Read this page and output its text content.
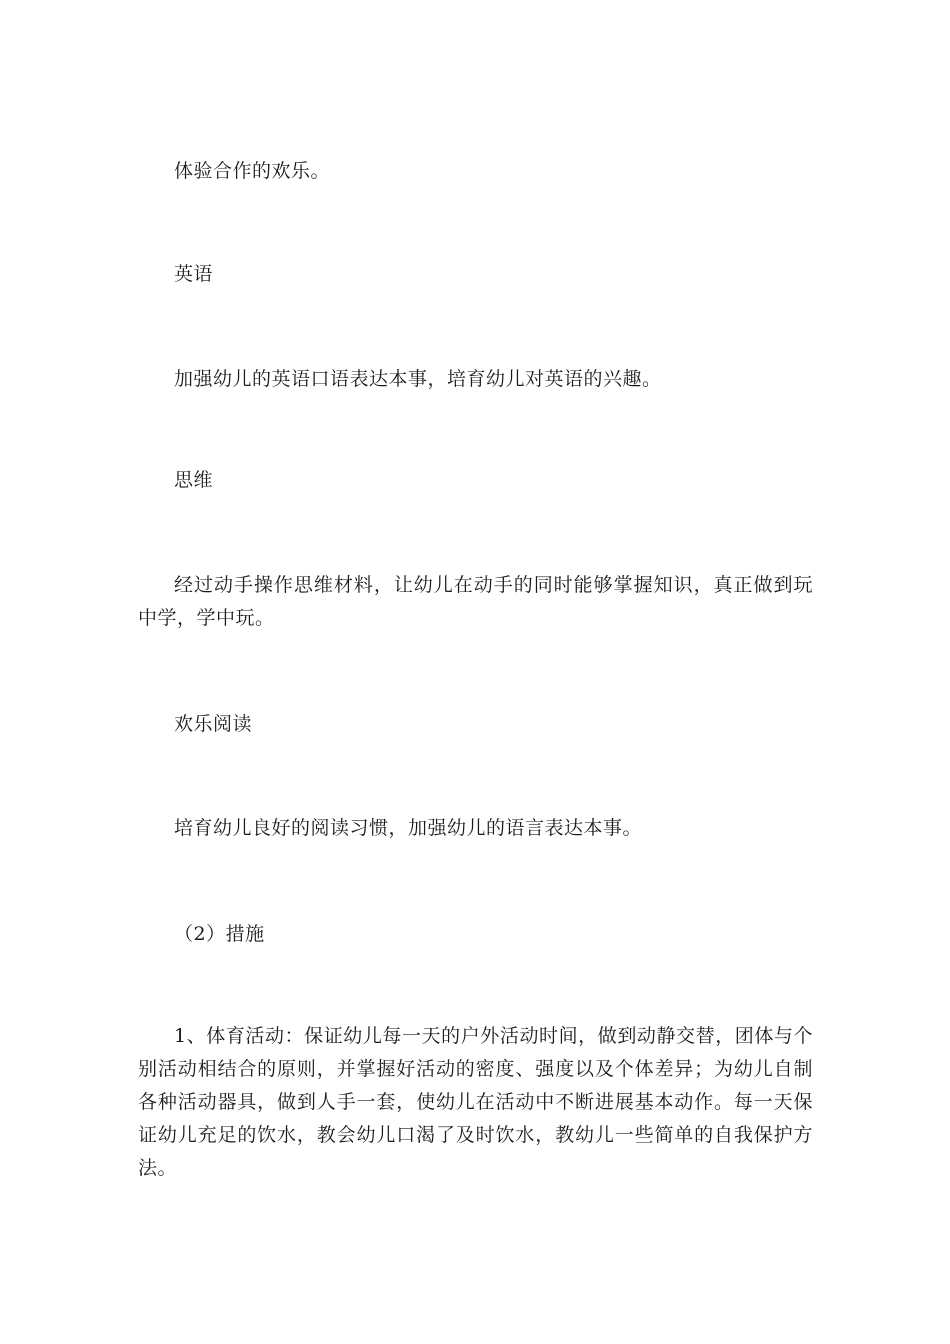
体验合作的欢乐。

英语

加强幼儿的英语口语表达本事，培育幼儿对英语的兴趣。

思维

经过动手操作思维材料，让幼儿在动手的同时能够掌握知识，真正做到玩中学，学中玩。

欢乐阅读

培育幼儿良好的阅读习惯，加强幼儿的语言表达本事。

（2）措施

1、体育活动：保证幼儿每一天的户外活动时间，做到动静交替，团体与个别活动相结合的原则，并掌握好活动的密度、强度以及个体差异；为幼儿自制各种活动器具，做到人手一套，使幼儿在活动中不断进展基本动作。每一天保证幼儿充足的饮水，教会幼儿口渴了及时饮水，教幼儿一些简单的自我保护方法。
